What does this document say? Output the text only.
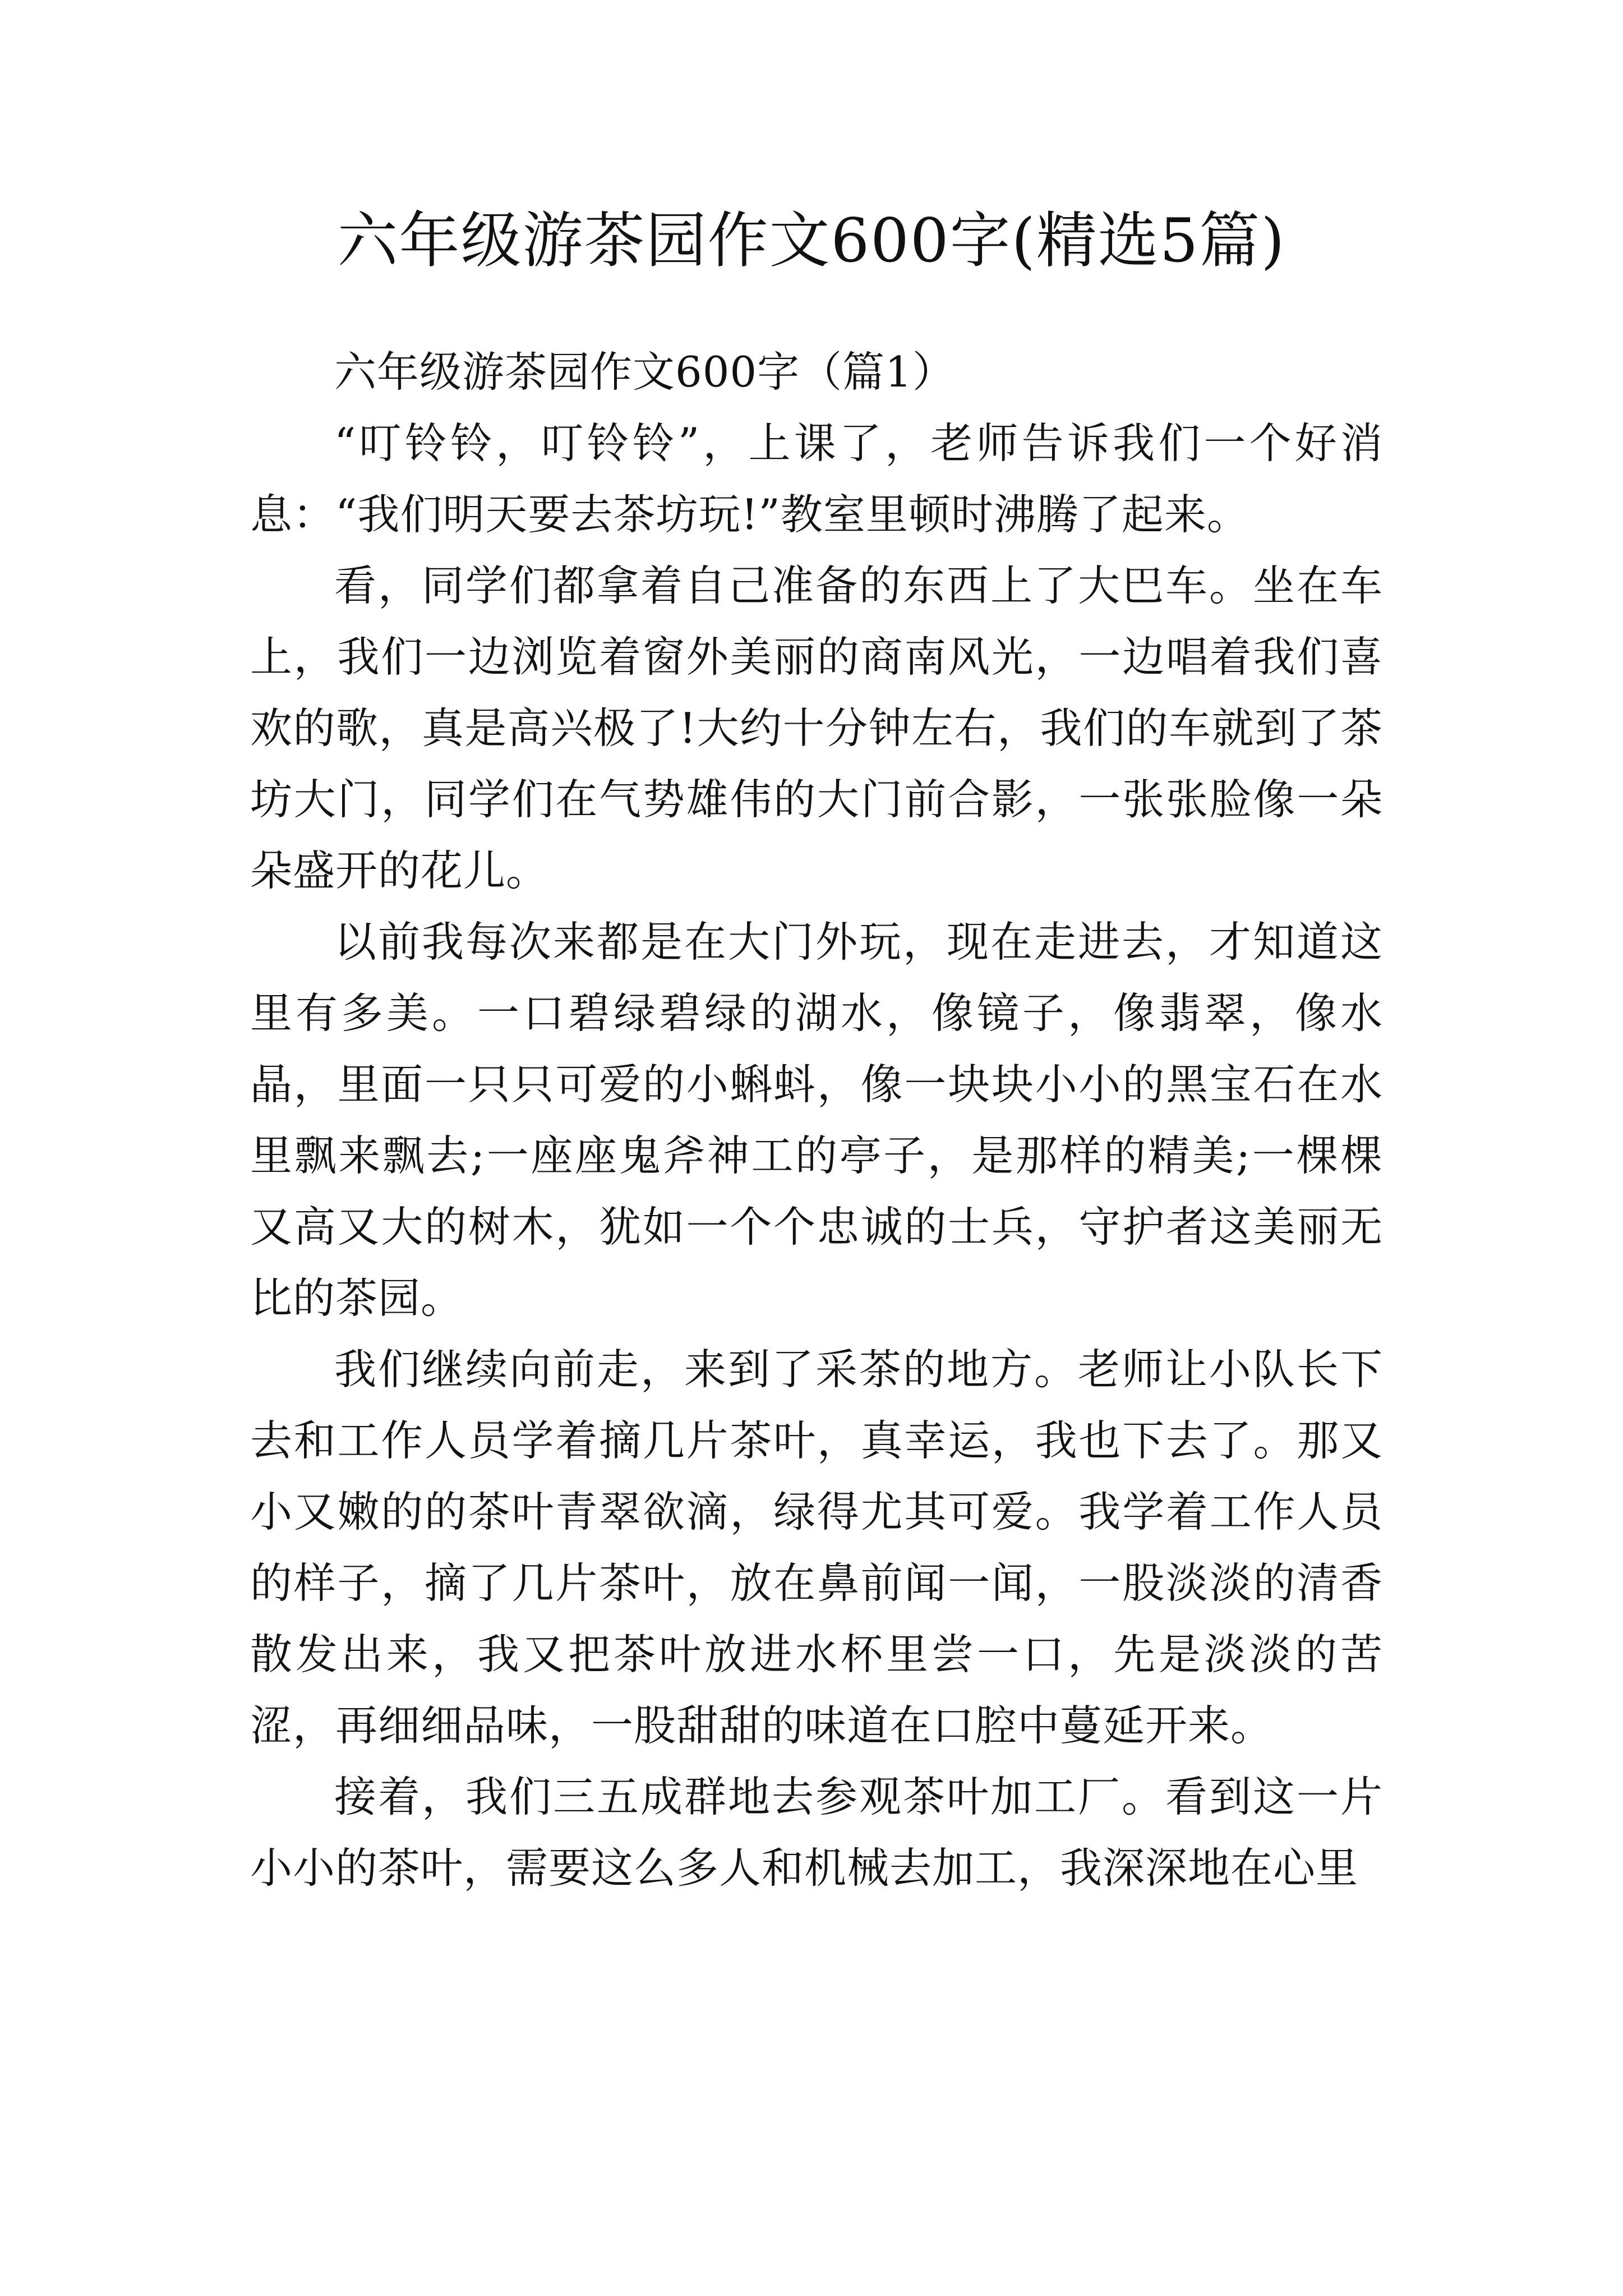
六年级游茶园作文600字(精选5篇)

六年级游茶园作文600字（篇1）

“叮铃铃，叮铃铃”，上课了，老师告诉我们一个好消息：“我们明天要去茶坊玩!”教室里顿时沸腾了起来。

看，同学们都拿着自己准备的东西上了大巴车。坐在车上，我们一边浏览着窗外美丽的商南风光，一边唱着我们喜欢的歌，真是高兴极了!大约十分钟左右，我们的车就到了茶坊大门，同学们在气势雄伟的大门前合影，一张张脸像一朵朵盛开的花儿。

以前我每次来都是在大门外玩，现在走进去，才知道这里有多美。一口碧绿碧绿的湖水，像镜子，像翡翠，像水晶，里面一只只可爱的小蝌蚪，像一块块小小的黑宝石在水里飘来飘去;一座座鬼斧神工的亭子，是那样的精美;一棵棵又高又大的树木，犹如一个个忠诚的士兵，守护者这美丽无比的茶园。

我们继续向前走，来到了采茶的地方。老师让小队长下去和工作人员学着摘几片茶叶，真幸运，我也下去了。那又小又嫩的的茶叶青翠欲滴，绿得尤其可爱。我学着工作人员的样子，摘了几片茶叶，放在鼻前闻一闻，一股淡淡的清香散发出来，我又把茶叶放进水杯里尝一口，先是淡淡的苦涩，再细细品味，一股甜甜的味道在口腔中蔓延开来。

接着，我们三五成群地去参观茶叶加工厂。看到这一片小小的茶叶，需要这么多人和机械去加工，我深深地在心里
